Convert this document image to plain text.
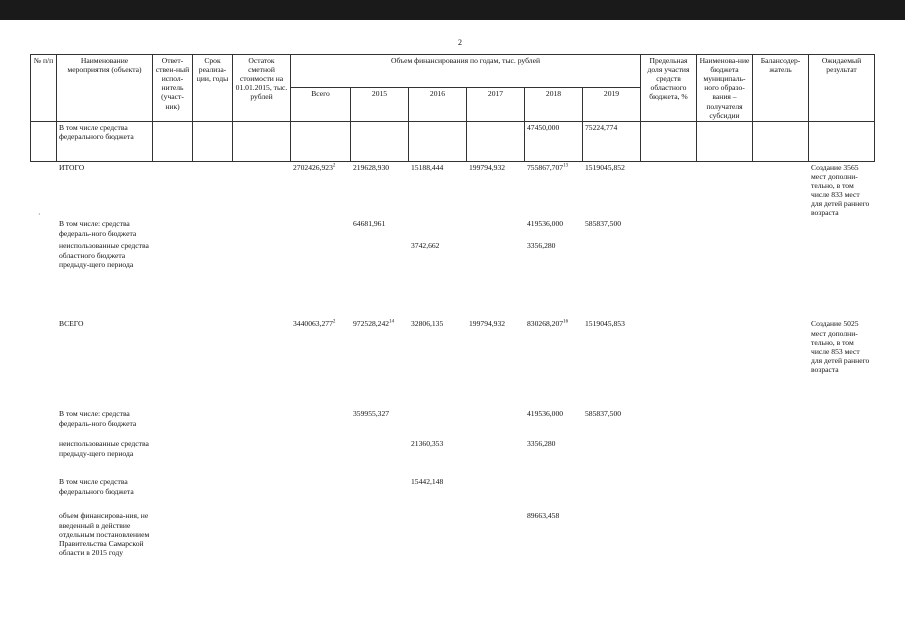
2
№ п/п	Наименование мероприятия (объекта)	Ответ-ствен-ный испол-нитель (участ-ник)	Срок реализа-ции, годы	Остаток сметной стоимости на 01.01.2015, тыс. рублей	Объем финансирования по годам, тыс. рублей						Предельная доля участия средств областного бюджета, %	Наименова-ние бюджета муниципаль-ного образо-вания – получателя субсидии	Балансодер-жатель	Ожидаемый результат
					Всего	2015	2016	2017	2018	2019				
	В том числе средства федерального бюджета								47450,000	75224,774				
	ИТОГО				2702426,923$^2$	219628,930	15188,444	199794,932	755867,707$^{13}$	1519045,852				Создание 3565 мест дополни-тельно, в том числе 833 мест для детей раннего возраста
	В том числе: средства федераль-ного бюджета					64681,961			419536,000	585837,500				
	неиспользованные средства областного бюджета предыду-щего периода						3742,662		3356,280					
	ВСЕГО				3440063,277$^2$	972528,242$^{14}$	32806,135	199794,932	830268,207$^{16}$	1519045,853				Создание 5025 мест дополни-тельно, в том числе 853 мест для детей раннего возраста
	В том числе: средства федераль-ного бюджета					359955,327			419536,000	585837,500				
	неиспользованные средства предыду-щего периода						21360,353		3356,280					
	В том числе средства федерального бюджета						15442,148							
	объем финансирова-ния, не введенный в действие отдельным постановлением Правительства Самарской области в 2015 году								89663,458					
·
